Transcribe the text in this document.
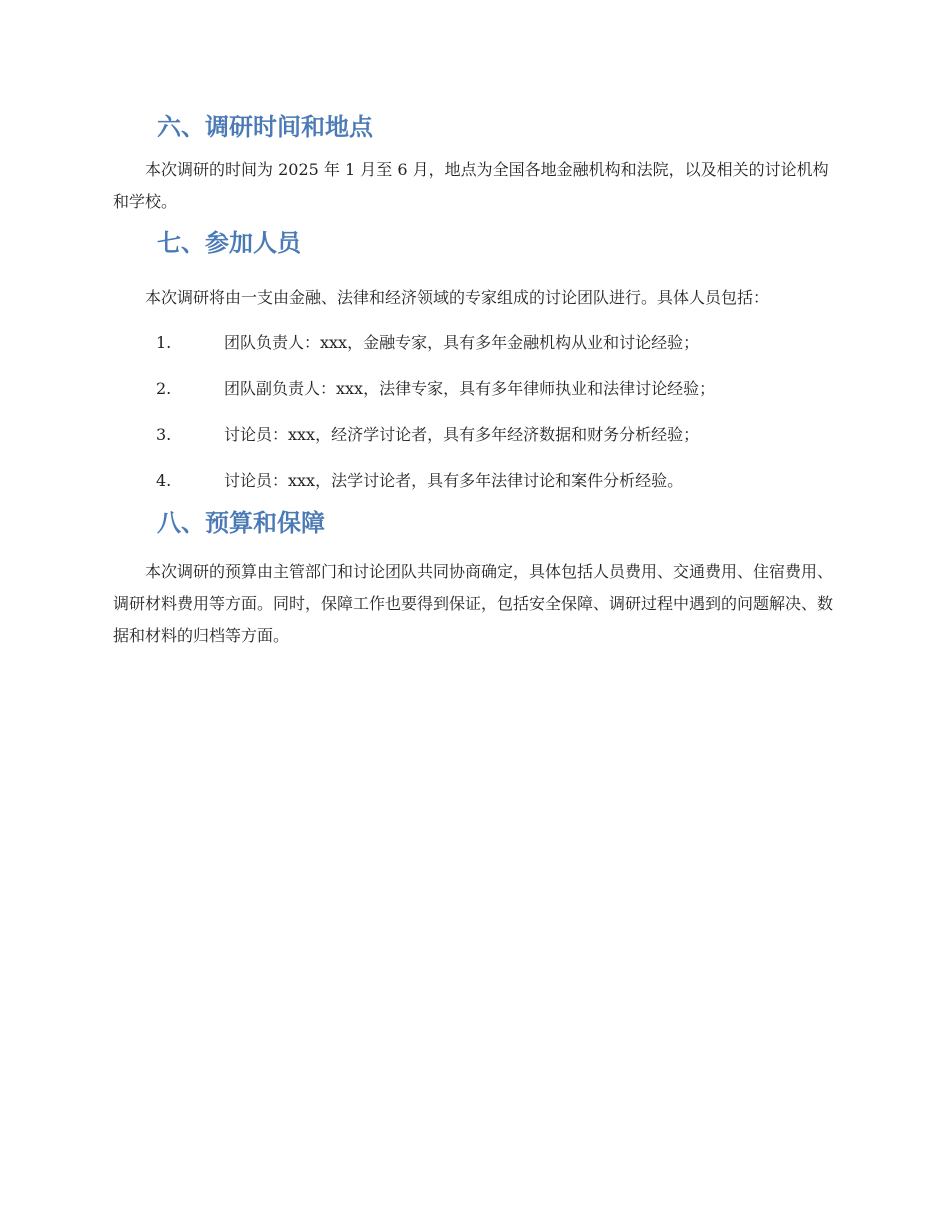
六、调研时间和地点

本次调研的时间为 2025 年 1 月至 6 月，地点为全国各地金融机构和法院，以及相关的讨论机构和学校。

七、参加人员

本次调研将由一支由金融、法律和经济领域的专家组成的讨论团队进行。具体人员包括：

1.	团队负责人：xxx，金融专家，具有多年金融机构从业和讨论经验；
2.	团队副负责人：xxx，法律专家，具有多年律师执业和法律讨论经验；
3.	讨论员：xxx，经济学讨论者，具有多年经济数据和财务分析经验；
4.	讨论员：xxx，法学讨论者，具有多年法律讨论和案件分析经验。
八、预算和保障

本次调研的预算由主管部门和讨论团队共同协商确定，具体包括人员费用、交通费用、住宿费用、调研材料费用等方面。同时，保障工作也要得到保证，包括安全保障、调研过程中遇到的问题解决、数据和材料的归档等方面。
